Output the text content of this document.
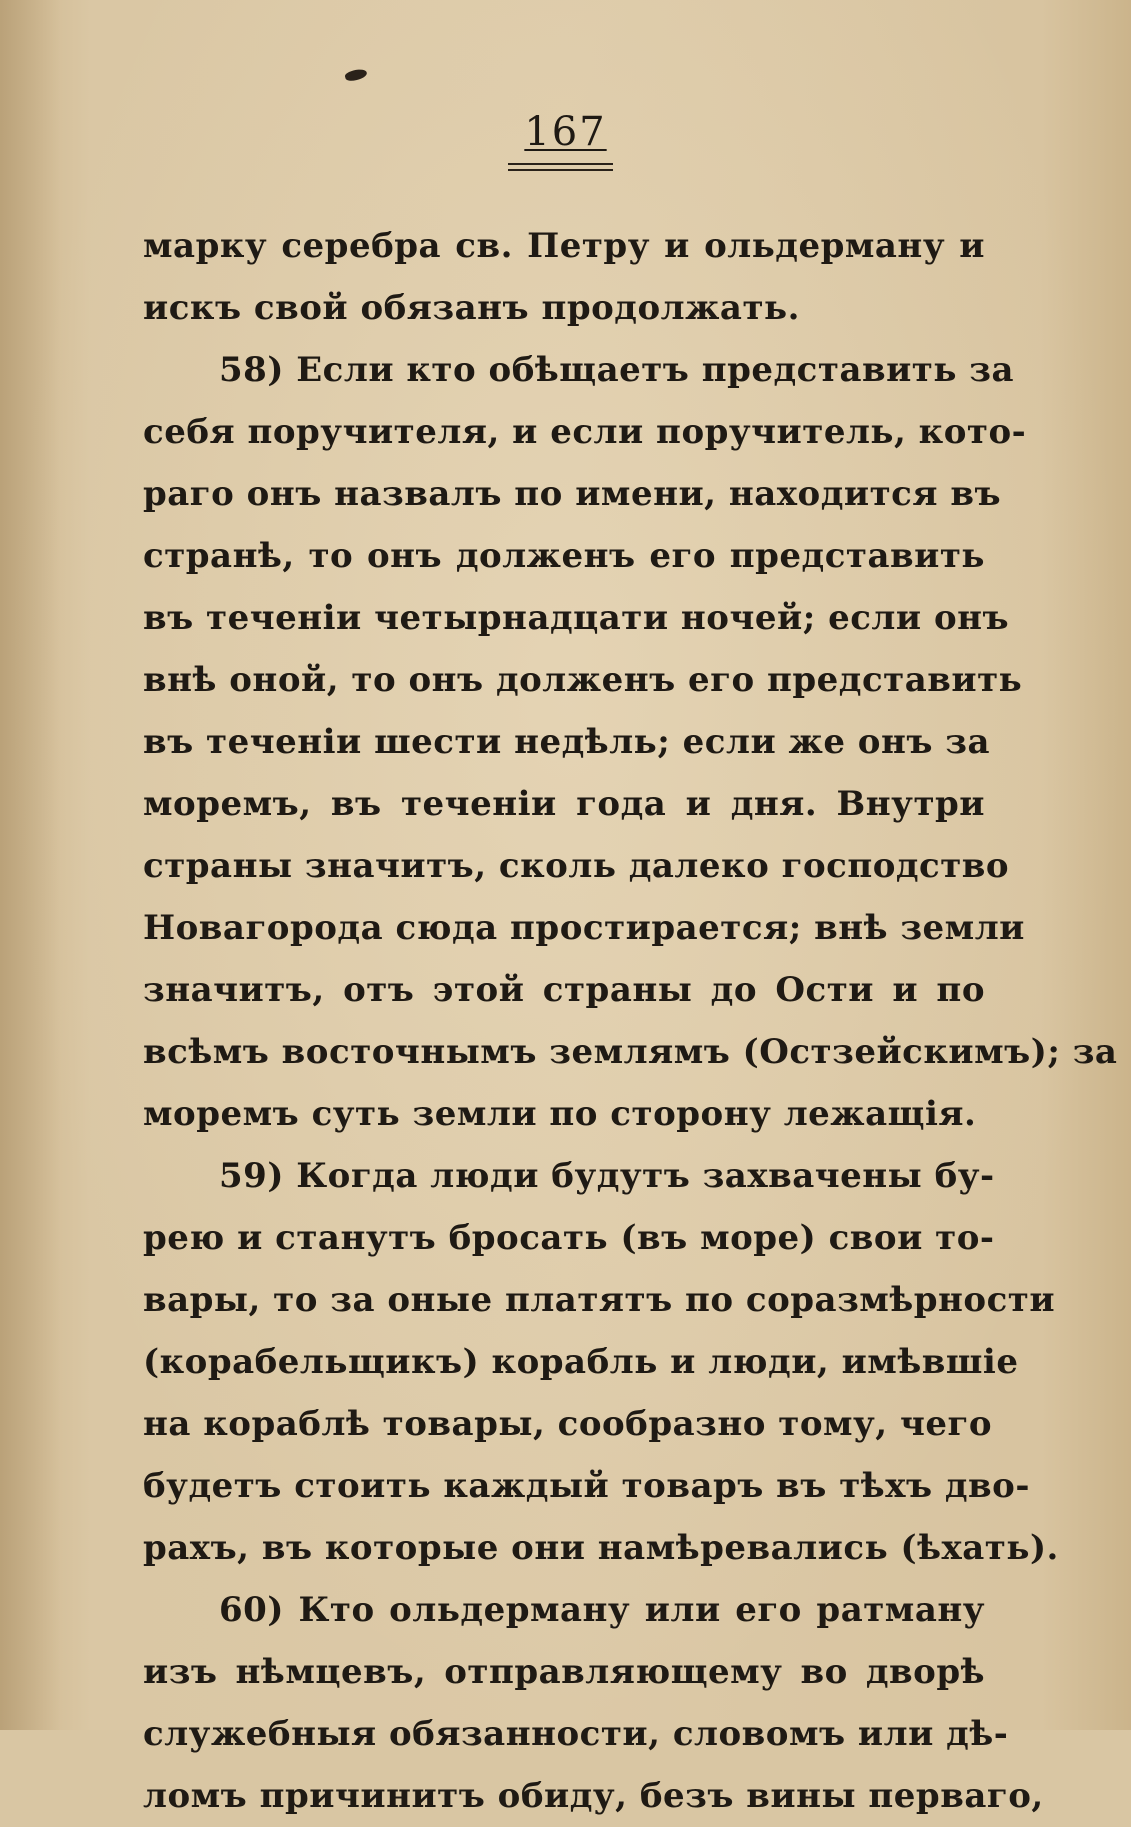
167
марку серебра св. Петру и ольдерману и
искъ свой обязанъ продолжать.
58) Если кто обѣщаетъ представить за
себя поручителя, и если поручитель, кото-
раго онъ назвалъ по имени, находится въ
странѣ, то онъ долженъ его представить
въ теченіи четырнадцати ночей; если онъ
внѣ оной, то онъ долженъ его представить
въ теченіи шести недѣль; если же онъ за
моремъ, въ теченіи года и дня. Внутри
страны значитъ, сколь далеко господство
Новагорода сюда простирается; внѣ земли
значитъ, отъ этой страны до Ости и по
всѣмъ восточнымъ землямъ (Остзейскимъ); за
моремъ суть земли по сторону лежащія.
59) Когда люди будутъ захвачены бу-
рею и станутъ бросать (въ море) свои то-
вары, то за оные платятъ по соразмѣрности
(корабельщикъ) корабль и люди, имѣвшіе
на кораблѣ товары, сообразно тому, чего
будетъ стоить каждый товаръ въ тѣхъ дво-
рахъ, въ которые они намѣревались (ѣхать).
60) Кто ольдерману или его ратману
изъ нѣмцевъ, отправляющему во дворѣ
служебныя обязанности, словомъ или дѣ-
ломъ причинитъ обиду, безъ вины перваго,
